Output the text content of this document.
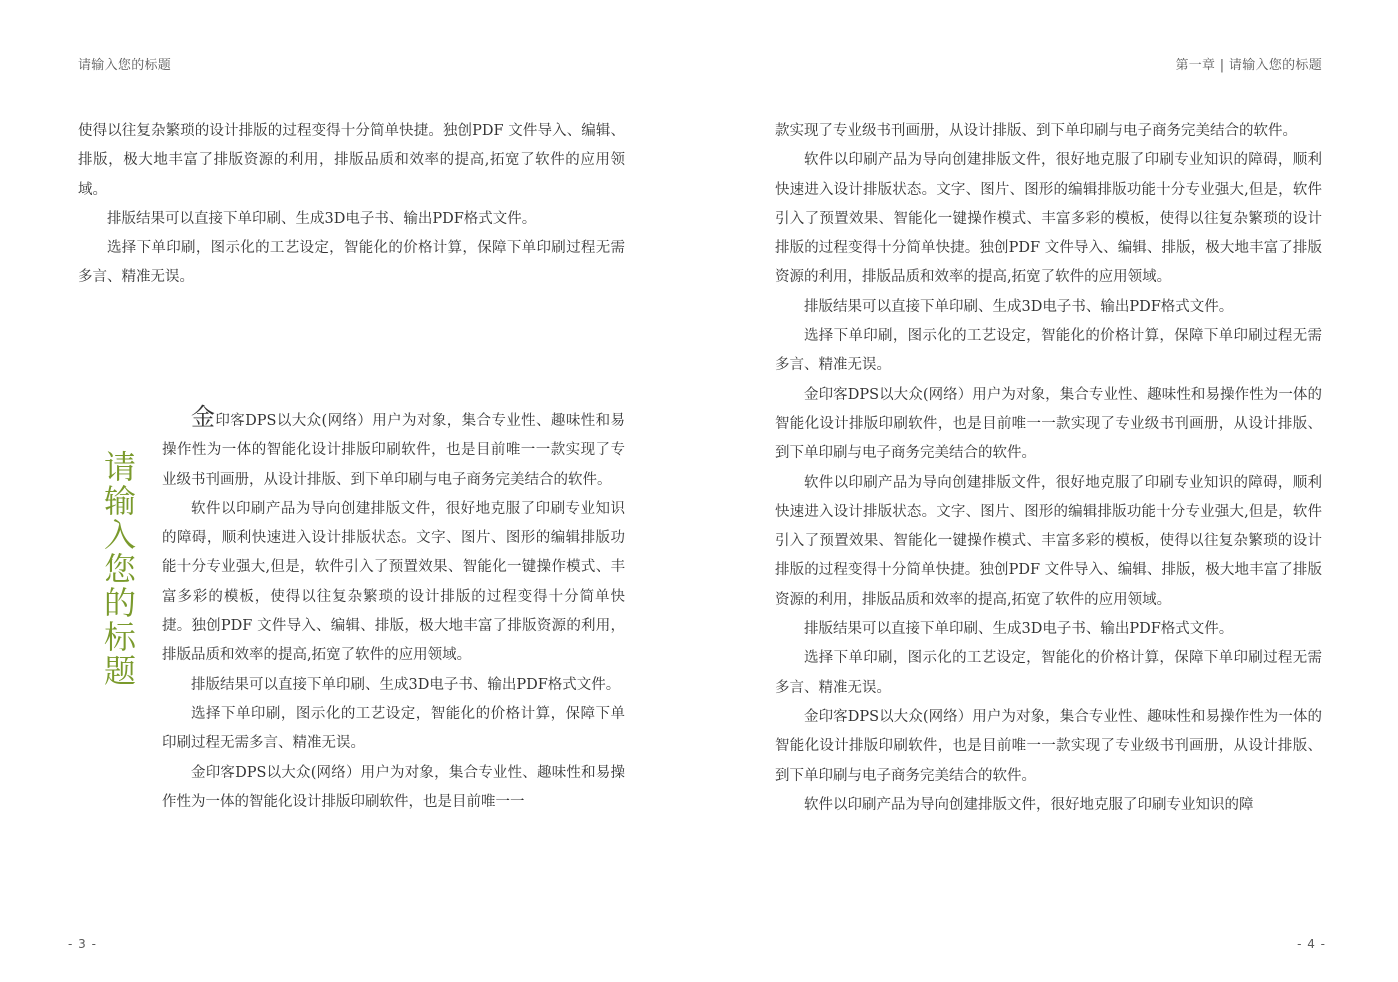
请输入您的标题

使得以往复杂繁琐的设计排版的过程变得十分简单快捷。独创PDF 文件导入、编辑、排版，极大地丰富了排版资源的利用，排版品质和效率的提高,拓宽了软件的应用领域。

排版结果可以直接下单印刷、生成3D电子书、输出PDF格式文件。

选择下单印刷，图示化的工艺设定，智能化的价格计算，保障下单印刷过程无需多言、精准无误。

请输入您的标题

金印客DPS以大众(网络）用户为对象，集合专业性、趣味性和易操作性为一体的智能化设计排版印刷软件，也是目前唯一一款实现了专业级书刊画册，从设计排版、到下单印刷与电子商务完美结合的软件。

软件以印刷产品为导向创建排版文件，很好地克服了印刷专业知识的障碍，顺利快速进入设计排版状态。文字、图片、图形的编辑排版功能十分专业强大,但是，软件引入了预置效果、智能化一键操作模式、丰富多彩的模板，使得以往复杂繁琐的设计排版的过程变得十分简单快捷。独创PDF 文件导入、编辑、排版，极大地丰富了排版资源的利用，排版品质和效率的提高,拓宽了软件的应用领域。

排版结果可以直接下单印刷、生成3D电子书、输出PDF格式文件。

选择下单印刷，图示化的工艺设定，智能化的价格计算，保障下单印刷过程无需多言、精准无误。

金印客DPS以大众(网络）用户为对象，集合专业性、趣味性和易操作性为一体的智能化设计排版印刷软件，也是目前唯一一

- 3 -
第一章 | 请输入您的标题

款实现了专业级书刊画册，从设计排版、到下单印刷与电子商务完美结合的软件。

软件以印刷产品为导向创建排版文件，很好地克服了印刷专业知识的障碍，顺利快速进入设计排版状态。文字、图片、图形的编辑排版功能十分专业强大,但是，软件引入了预置效果、智能化一键操作模式、丰富多彩的模板，使得以往复杂繁琐的设计排版的过程变得十分简单快捷。独创PDF 文件导入、编辑、排版，极大地丰富了排版资源的利用，排版品质和效率的提高,拓宽了软件的应用领域。

排版结果可以直接下单印刷、生成3D电子书、输出PDF格式文件。

选择下单印刷，图示化的工艺设定，智能化的价格计算，保障下单印刷过程无需多言、精准无误。

金印客DPS以大众(网络）用户为对象，集合专业性、趣味性和易操作性为一体的智能化设计排版印刷软件，也是目前唯一一款实现了专业级书刊画册，从设计排版、到下单印刷与电子商务完美结合的软件。

软件以印刷产品为导向创建排版文件，很好地克服了印刷专业知识的障碍，顺利快速进入设计排版状态。文字、图片、图形的编辑排版功能十分专业强大,但是，软件引入了预置效果、智能化一键操作模式、丰富多彩的模板，使得以往复杂繁琐的设计排版的过程变得十分简单快捷。独创PDF 文件导入、编辑、排版，极大地丰富了排版资源的利用，排版品质和效率的提高,拓宽了软件的应用领域。

排版结果可以直接下单印刷、生成3D电子书、输出PDF格式文件。

选择下单印刷，图示化的工艺设定，智能化的价格计算，保障下单印刷过程无需多言、精准无误。

金印客DPS以大众(网络）用户为对象，集合专业性、趣味性和易操作性为一体的智能化设计排版印刷软件，也是目前唯一一款实现了专业级书刊画册，从设计排版、到下单印刷与电子商务完美结合的软件。

软件以印刷产品为导向创建排版文件，很好地克服了印刷专业知识的障

- 4 -
